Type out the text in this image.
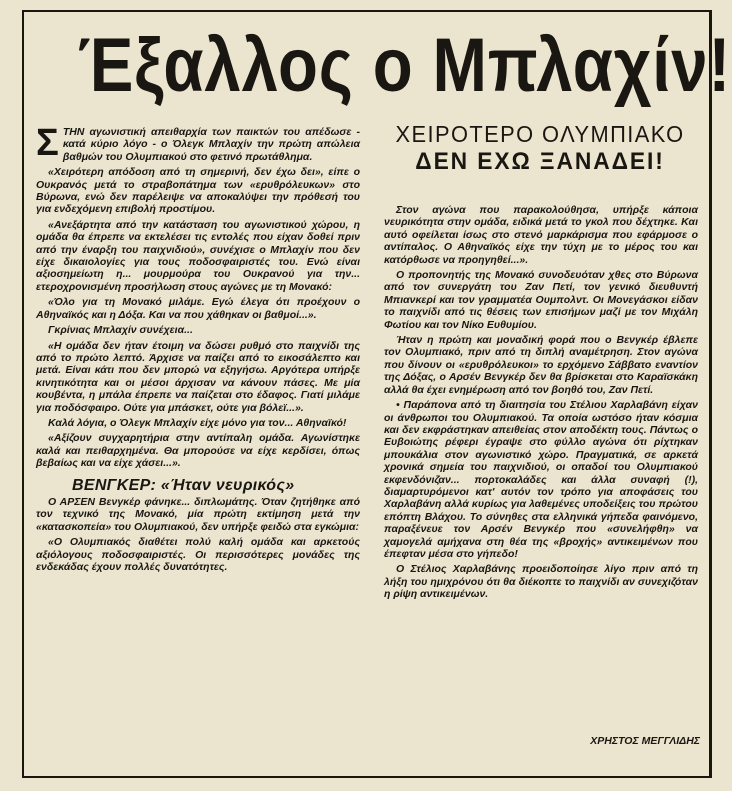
Έξαλλος ο Μπλαχίν!
ΧΕΙΡΟΤΕΡΟ ΟΛΥΜΠΙΑΚΟ
ΔΕΝ ΕΧΩ ΞΑΝΑΔΕΙ!

ΣΤΗΝ αγωνιστική απειθαρχία των παικτών του απέδωσε - κατά κύριο λόγο - ο Όλεγκ Μπλαχίν την πρώτη απώλεια βαθμών του Ολυμπιακού στο φετινό πρωτάθλημα.

«Χειρότερη απόδοση από τη σημερινή, δεν έχω δει», είπε ο Ουκρανός μετά το στραβοπάτημα των «ερυθρόλευκων» στο Βύρωνα, ενώ δεν παρέλειψε να αποκαλύψει την πρόθεσή του για ενδεχόμενη επιβολή προστίμου.

«Ανεξάρτητα από την κατάσταση του αγωνιστικού χώρου, η ομάδα θα έπρεπε να εκτελέσει τις εντολές που είχαν δοθεί πριν από την έναρξη του παιχνιδιού», συνέχισε ο Μπλαχίν που δεν είχε δικαιολογίες για τους ποδοσφαιριστές του. Ενώ είναι αξιοσημείωτη η... μουρμούρα του Ουκρανού για την... ετεροχρονισμένη προσήλωση στους αγώνες με τη Μονακό:

«Όλο για τη Μονακό μιλάμε. Εγώ έλεγα ότι προέχουν ο Αθηναϊκός και η Δόξα. Και να που χάθηκαν οι βαθμοί...».

Γκρίνιας Μπλαχίν συνέχεια...

«Η ομάδα δεν ήταν έτοιμη να δώσει ρυθμό στο παιχνίδι της από το πρώτο λεπτό. Άρχισε να παίζει από το εικοσάλεπτο και μετά. Είναι κάτι που δεν μπορώ να εξηγήσω. Αργότερα υπήρξε κινητικότητα και οι μέσοι άρχισαν να κάνουν πάσες. Με μία κουβέντα, η μπάλα έπρεπε να παίζεται στο έδαφος. Γιατί μιλάμε για ποδόσφαιρο. Ούτε για μπάσκετ, ούτε για βόλεϊ...».

Καλά λόγια, ο Όλεγκ Μπλαχίν είχε μόνο για τον... Αθηναϊκό!

«Αξίζουν συγχαρητήρια στην αντίπαλη ομάδα. Αγωνίστηκε καλά και πειθαρχημένα. Θα μπορούσε να είχε κερδίσει, όπως βεβαίως και να είχε χάσει...».

ΒΕΝΓΚΕΡ: «Ήταν νευρικός»

Ο ΑΡΣΕΝ Βενγκέρ φάνηκε... διπλωμάτης. Όταν ζητήθηκε από τον τεχνικό της Μονακό, μία πρώτη εκτίμηση μετά την «κατασκοπεία» του Ολυμπιακού, δεν υπήρξε φειδώ στα εγκώμια:

«Ο Ολυμπιακός διαθέτει πολύ καλή ομάδα και αρκετούς αξιόλογους ποδοσφαιριστές. Οι περισσότερες μονάδες της ενδεκάδας έχουν πολλές δυνατότητες.

Στον αγώνα που παρακολούθησα, υπήρξε κάποια νευρικότητα στην ομάδα, ειδικά μετά το γκολ που δέχτηκε. Και αυτό οφείλεται ίσως στο στενό μαρκάρισμα που εφάρμοσε ο αντίπαλος. Ο Αθηναϊκός είχε την τύχη με το μέρος του και κατόρθωσε να προηγηθεί...».

Ο προπονητής της Μονακό συνοδευόταν χθες στο Βύρωνα από τον συνεργάτη του Ζαν Πετί, τον γενικό διευθυντή Μπιανκερί και τον γραμματέα Ουμπολντ. Οι Μονεγάσκοι είδαν το παιχνίδι από τις θέσεις των επισήμων μαζί με τον Μιχάλη Φωτίου και τον Νίκο Ευθυμίου.

Ήταν η πρώτη και μοναδική φορά που ο Βενγκέρ έβλεπε τον Ολυμπιακό, πριν από τη διπλή αναμέτρηση. Στον αγώνα που δίνουν οι «ερυθρόλευκοι» το ερχόμενο Σάββατο εναντίον της Δόξας, ο Αρσέν Βενγκέρ δεν θα βρίσκεται στο Καραϊσκάκη αλλά θα έχει ενημέρωση από τον βοηθό του, Ζαν Πετί.

• Παράπονα από τη διαιτησία του Στέλιου Χαρλαβάνη είχαν οι άνθρωποι του Ολυμπιακού. Τα οποία ωστόσο ήταν κόσμια και δεν εκφράστηκαν απειθείας στον αποδέκτη τους. Πάντως ο Ευβοιώτης ρέφερι έγραψε στο φύλλο αγώνα ότι ρίχτηκαν μπουκάλια στον αγωνιστικό χώρο. Πραγματικά, σε αρκετά χρονικά σημεία του παιχνιδιού, οι οπαδοί του Ολυμπιακού εκφενδόνιζαν... πορτοκαλάδες και άλλα συναφή (!), διαμαρτυρόμενοι κατ' αυτόν τον τρόπο για αποφάσεις του Χαρλαβάνη αλλά κυρίως για λαθεμένες υποδείξεις του πρώτου επόπτη Βλάχου. Το σύνηθες στα ελληνικά γήπεδα φαινόμενο, παραξένευε τον Αρσέν Βενγκέρ που «συνελήφθη» να χαμογελά αμήχανα στη θέα της «βροχής» αντικειμένων που έπεφταν μέσα στο γήπεδο!

Ο Στέλιος Χαρλαβάνης προειδοποίησε λίγο πριν από τη λήξη του ημιχρόνου ότι θα διέκοπτε το παιχνίδι αν συνεχιζόταν η ρίψη αντικειμένων.

ΧΡΗΣΤΟΣ ΜΕΓΓΛΙΔΗΣ
